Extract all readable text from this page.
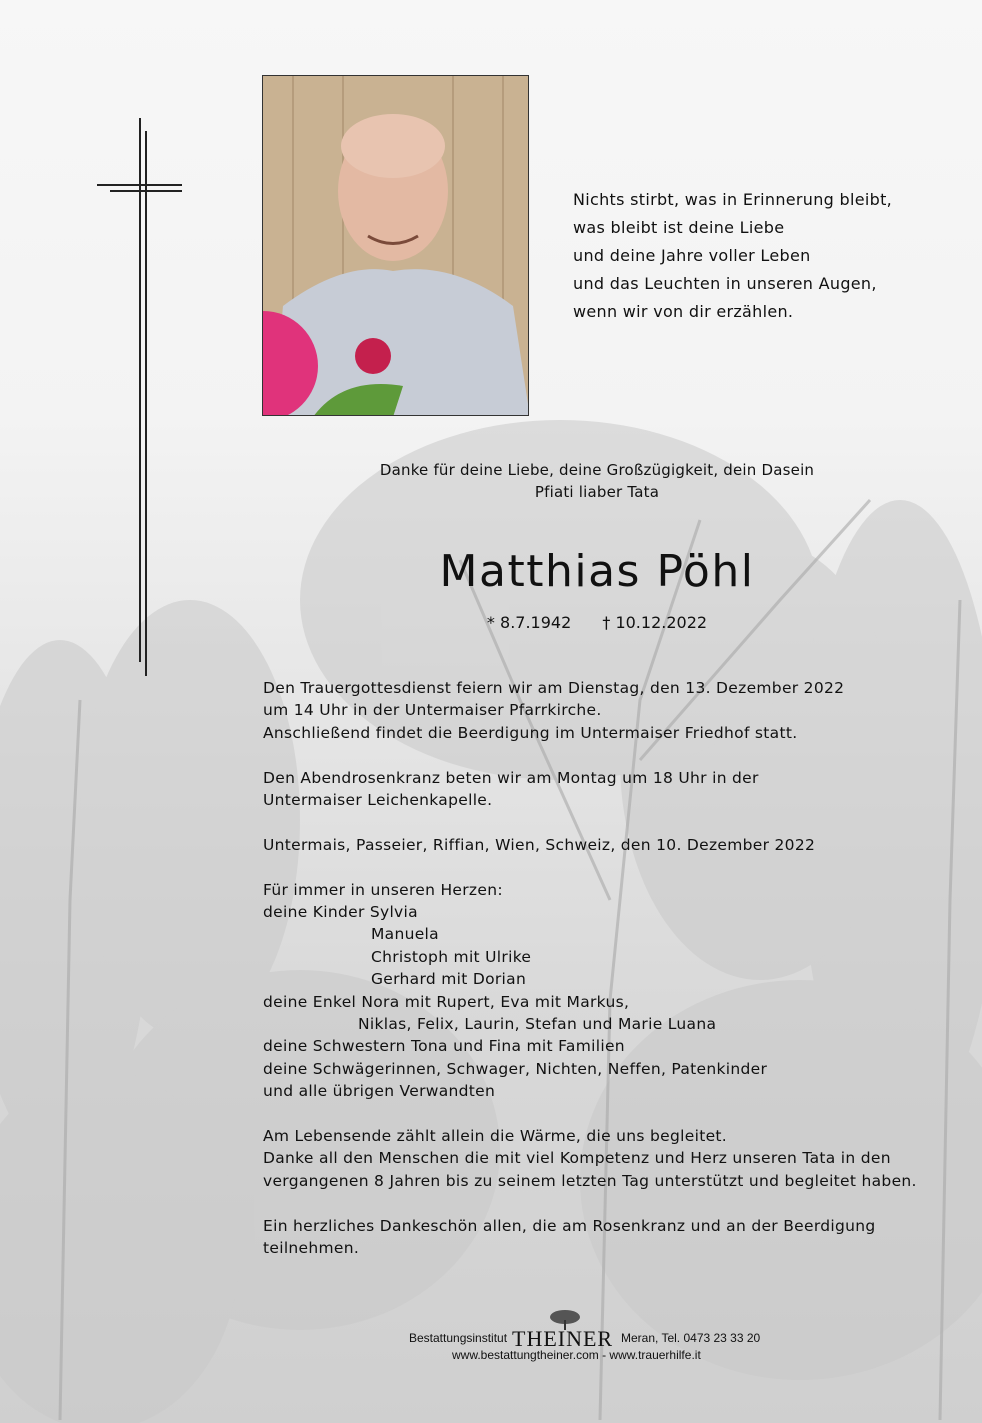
Nichts stirbt, was in Erinnerung bleibt,
was bleibt ist deine Liebe
und deine Jahre voller Leben
und das Leuchten in unseren Augen,
wenn wir von dir erzählen.
Danke für deine Liebe, deine Großzügigkeit, dein Dasein
Pfiati liaber Tata
Matthias Pöhl
* 8.7.1942 † 10.12.2022
Den Trauergottesdienst feiern wir am Dienstag, den 13. Dezember 2022
um 14 Uhr in der Untermaiser Pfarrkirche.
Anschließend findet die Beerdigung im Untermaiser Friedhof statt.
Den Abendrosenkranz beten wir am Montag um 18 Uhr in der
Untermaiser Leichenkapelle.
Untermais, Passeier, Riffian, Wien, Schweiz, den 10. Dezember 2022
Für immer in unseren Herzen:
deine Kinder Sylvia
Manuela
Christoph mit Ulrike
Gerhard mit Dorian
deine Enkel Nora mit Rupert, Eva mit Markus,
Niklas, Felix, Laurin, Stefan und Marie Luana
deine Schwestern Tona und Fina mit Familien
deine Schwägerinnen, Schwager, Nichten, Neffen, Patenkinder
und alle übrigen Verwandten
Am Lebensende zählt allein die Wärme, die uns begleitet.
Danke all den Menschen die mit viel Kompetenz und Herz unseren Tata in den
vergangenen 8 Jahren bis zu seinem letzten Tag unterstützt und begleitet haben.
Ein herzliches Dankeschön allen, die am Rosenkranz und an der Beerdigung
teilnehmen.
Bestattungsinstitut THEINER Meran, Tel. 0473 23 33 20
www.bestattungtheiner.com - www.trauerhilfe.it
